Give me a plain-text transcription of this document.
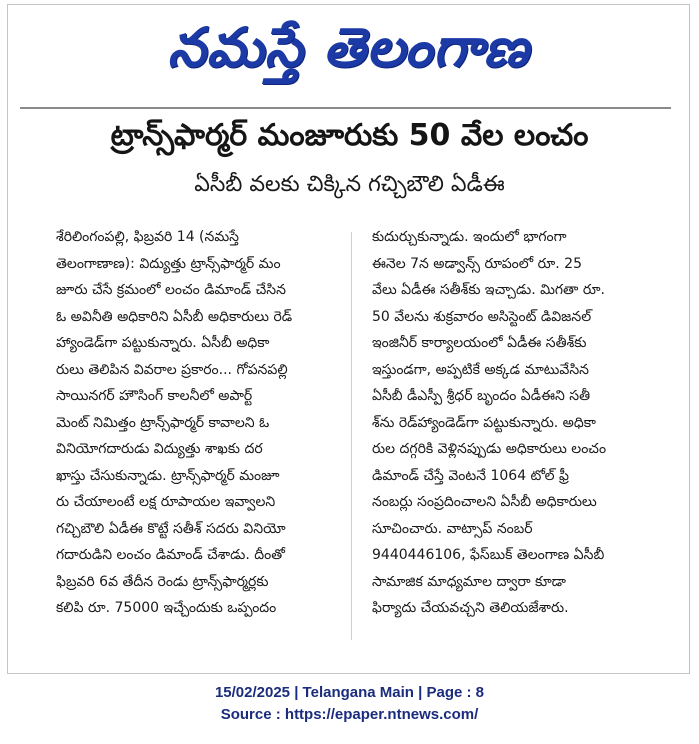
నమస్తే తెలంగాణ
ట్రాన్స్‌ఫార్మర్ మంజూరుకు 50 వేల లంచం
ఏసీబీ వలకు చిక్కిన గచ్చిబౌలి ఏడీఈ
శేరిలింగంపల్లి, ఫిబ్రవరి 14 (నమస్తే
తెలంగాణాణ): విద్యుత్తు ట్రాన్స్‌ఫార్మర్ మం
జూరు చేసే క్రమంలో లంచం డిమాండ్ చేసిన
ఓ అవినీతి అధికారిని ఏసీబీ అధికారులు రెడ్
హ్యాండెడ్‌గా పట్టుకున్నారు. ఏసీబీ అధికా
రులు తెలిపిన వివరాల ప్రకారం... గోపనపల్లి
సాయినగర్ హౌసింగ్ కాలనీలో అపార్ట్
మెంట్ నిమిత్తం ట్రాన్స్‌ఫార్మర్ కావాలని ఓ
వినియోగదారుడు విద్యుత్తు శాఖకు దర
ఖాస్తు చేసుకున్నాడు. ట్రాన్స్‌ఫార్మర్ మంజూ
రు చేయాలంటే లక్ష రూపాయల ఇవ్వాలని
గచ్చిబౌలి ఏడీఈ కొట్టే సతీశ్ సదరు వినియో
గదారుడిని లంచం డిమాండ్ చేశాడు. దీంతో
ఫిబ్రవరి 6వ తేదీన రెండు ట్రాన్స్‌ఫార్మర్లకు
కలిపి రూ. 75000 ఇచ్చేందుకు ఒప్పందం
కుదుర్చుకున్నాడు. ఇందులో భాగంగా
ఈనెల 7న అడ్వాన్స్ రూపంలో రూ. 25
వేలు ఏడీఈ సతీశ్‌కు ఇచ్చాడు. మిగతా రూ.
50 వేలను శుక్రవారం అసిస్టెంట్ డివిజనల్
ఇంజినీర్ కార్యాలయంలో ఏడీఈ సతీశ్‌కు
ఇస్తుండగా, అప్పటికే అక్కడ మాటువేసిన
ఏసీబీ డీఎస్పీ శ్రీధర్ బృందం ఏడీఈని సతీ
శ్‌ను రెడ్‌హ్యాండెడ్‌గా పట్టుకున్నారు. అధికా
రుల దగ్గరికి వెళ్లినప్పుడు అధికారులు లంచం
డిమాండ్ చేస్తే వెంటనే 1064 టోల్ ఫ్రీ
నంబర్లు సంప్రదించాలని ఏసీబీ అధికారులు
సూచించారు. వాట్సాప్ నంబర్
9440446106, ఫేస్‌బుక్ తెలంగాణ ఏసీబీ
సామాజిక మాధ్యమాల ద్వారా కూడా
ఫిర్యాదు చేయవచ్చని తెలియజేశారు.
15/02/2025 | Telangana Main | Page : 8
Source : https://epaper.ntnews.com/
